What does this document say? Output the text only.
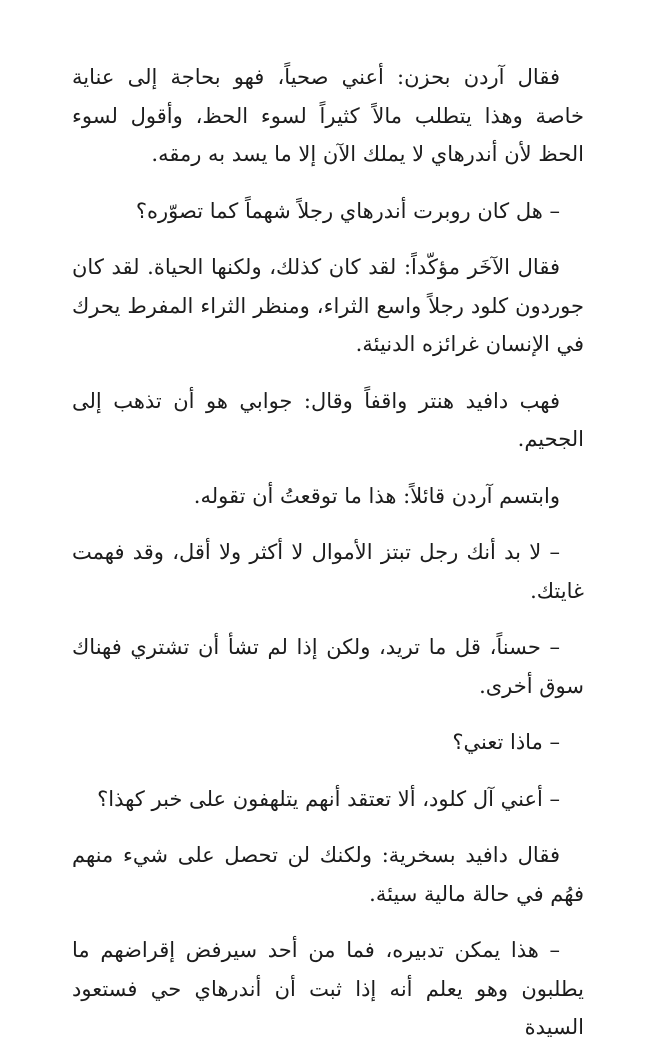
فقال آردن بحزن: أعني صحياً، فهو بحاجة إلى عناية خاصة وهذا يتطلب مالاً كثيراً لسوء الحظ، وأقول لسوء الحظ لأن أندرهاي لا يملك الآن إلا ما يسد به رمقه.

– هل كان روبرت أندرهاي رجلاً شهماً كما تصوّره؟

فقال الآخَر مؤكّداً: لقد كان كذلك، ولكنها الحياة. لقد كان جوردون كلود رجلاً واسع الثراء، ومنظر الثراء المفرط يحرك في الإنسان غرائزه الدنيئة.

فهب دافيد هنتر واقفاً وقال: جوابي هو أن تذهب إلى الجحيم.

وابتسم آردن قائلاً: هذا ما توقعتُ أن تقوله.

– لا بد أنك رجل تبتز الأموال لا أكثر ولا أقل، وقد فهمت غايتك.

– حسناً، قل ما تريد، ولكن إذا لم تشأ أن تشتري فهناك سوق أخرى.

– ماذا تعني؟

– أعني آل كلود، ألا تعتقد أنهم يتلهفون على خبر كهذا؟

فقال دافيد بسخرية: ولكنك لن تحصل على شيء منهم فهُم في حالة مالية سيئة.

– هذا يمكن تدبيره، فما من أحد سيرفض إقراضهم ما يطلبون وهو يعلم أنه إذا ثبت أن أندرهاي حي فستعود السيدة
